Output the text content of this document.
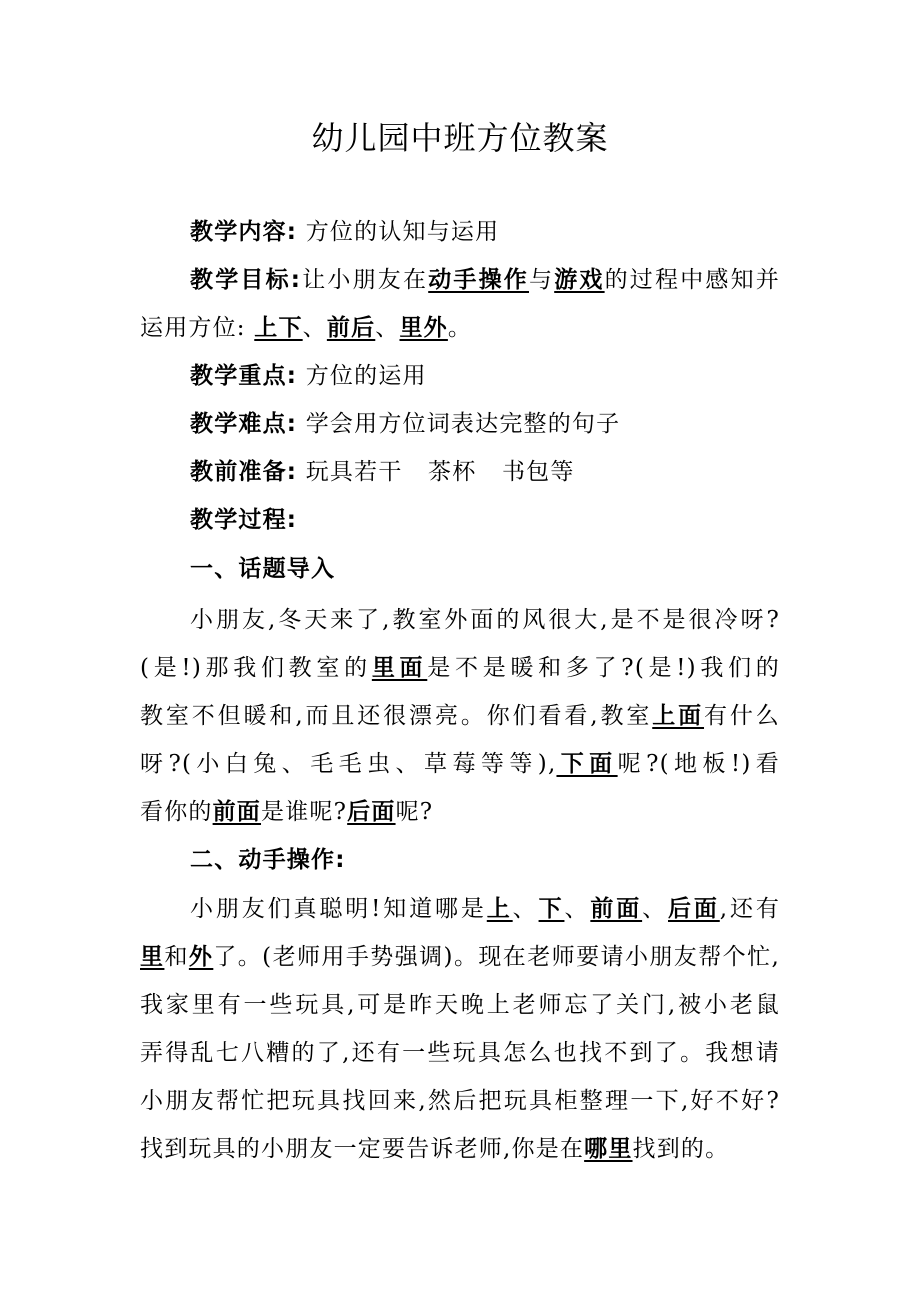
幼儿园中班方位教案
教学内容: 方位的认知与运用
教学目标:让小朋友在动手操作与游戏的过程中感知并
运用方位: 上下、前后、里外。
教学重点: 方位的运用
教学难点: 学会用方位词表达完整的句子
教前准备: 玩具若干   茶杯   书包等
教学过程:
一、话题导入
小朋友,冬天来了,教室外面的风很大,是不是很冷呀?
(是!)那我们教室的里面是不是暖和多了?(是!)我们的
教室不但暖和,而且还很漂亮。你们看看,教室上面有什么
呀?(小白兔、毛毛虫、草莓等等),下面呢?(地板!)看
看你的前面是谁呢?后面呢?
二、动手操作:
小朋友们真聪明!知道哪是上、下、前面、后面,还有
里和外了。(老师用手势强调)。现在老师要请小朋友帮个忙,
我家里有一些玩具,可是昨天晚上老师忘了关门,被小老鼠
弄得乱七八糟的了,还有一些玩具怎么也找不到了。我想请
小朋友帮忙把玩具找回来,然后把玩具柜整理一下,好不好?
找到玩具的小朋友一定要告诉老师,你是在哪里找到的。
